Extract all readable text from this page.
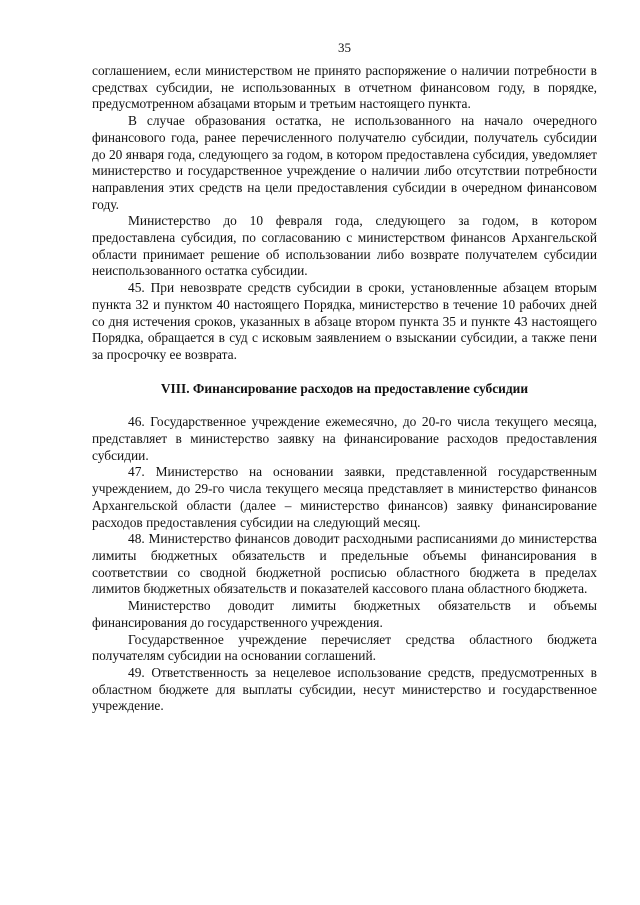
35

соглашением, если министерством не принято распоряжение о наличии потребности в средствах субсидии, не использованных в отчетном финансовом году, в порядке, предусмотренном абзацами вторым и третьим настоящего пункта.

В случае образования остатка, не использованного на начало очередного финансового года, ранее перечисленного получателю субсидии, получатель субсидии до 20 января года, следующего за годом, в котором предоставлена субсидия, уведомляет министерство и государственное учреждение о наличии либо отсутствии потребности направления этих средств на цели предоставления субсидии в очередном финансовом году.

Министерство до 10 февраля года, следующего за годом, в котором предоставлена субсидия, по согласованию с министерством финансов Архангельской области принимает решение об использовании либо возврате получателем субсидии неиспользованного остатка субсидии.

45. При невозврате средств субсидии в сроки, установленные абзацем вторым пункта 32 и пунктом 40 настоящего Порядка, министерство в течение 10 рабочих дней со дня истечения сроков, указанных в абзаце втором пункта 35 и пункте 43 настоящего Порядка, обращается в суд с исковым заявлением о взыскании субсидии, а также пени за просрочку ее возврата.

VIII. Финансирование расходов на предоставление субсидии

46. Государственное учреждение ежемесячно, до 20-го числа текущего месяца, представляет в министерство заявку на финансирование расходов предоставления субсидии.

47. Министерство на основании заявки, представленной государственным учреждением, до 29-го числа текущего месяца представляет в министерство финансов Архангельской области (далее – министерство финансов) заявку финансирование расходов предоставления субсидии на следующий месяц.

48. Министерство финансов доводит расходными расписаниями до министерства лимиты бюджетных обязательств и предельные объемы финансирования в соответствии со сводной бюджетной росписью областного бюджета в пределах лимитов бюджетных обязательств и показателей кассового плана областного бюджета.

Министерство доводит лимиты бюджетных обязательств и объемы финансирования до государственного учреждения.

Государственное учреждение перечисляет средства областного бюджета получателям субсидии на основании соглашений.

49. Ответственность за нецелевое использование средств, предусмотренных в областном бюджете для выплаты субсидии, несут министерство и государственное учреждение.
